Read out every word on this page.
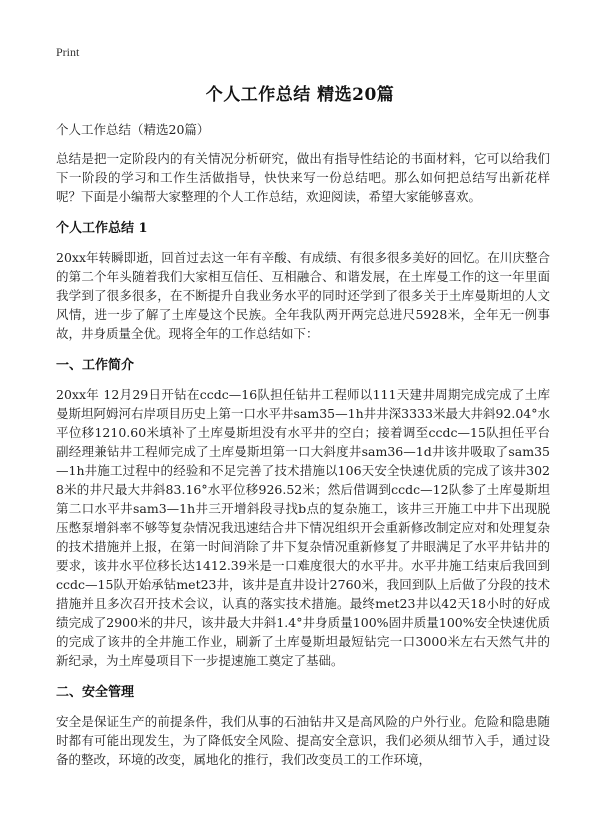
Print
个人工作总结 精选20篇

个人工作总结（精选20篇）

总结是把一定阶段内的有关情况分析研究，做出有指导性结论的书面材料，它可以给我们下一阶段的学习和工作生活做指导，快快来写一份总结吧。那么如何把总结写出新花样呢？下面是小编帮大家整理的个人工作总结，欢迎阅读，希望大家能够喜欢。

个人工作总结 1

20xx年转瞬即逝，回首过去这一年有辛酸、有成绩、有很多很多美好的回忆。在川庆整合的第二个年头随着我们大家相互信任、互相融合、和谐发展，在土库曼工作的这一年里面我学到了很多很多，在不断提升自我业务水平的同时还学到了很多关于土库曼斯坦的人文风情，进一步了解了土库曼这个民族。全年我队两开两完总进尺5928米，全年无一例事故，井身质量全优。现将全年的工作总结如下：

一、工作简介

20xx年 12月29日开钻在ccdc—16队担任钻井工程师以111天建井周期完成完成了土库曼斯坦阿姆河右岸项目历史上第一口水平井sam35—1h井井深3333米最大井斜92.04°水平位移1210.60米填补了土库曼斯坦没有水平井的空白；接着调至ccdc—15队担任平台副经理兼钻井工程师完成了土库曼斯坦第一口大斜度井sam36—1d井该井吸取了sam35—1h井施工过程中的经验和不足完善了技术措施以106天安全快速优质的完成了该井3028米的井尺最大井斜83.16°水平位移926.52米；然后借调到ccdc—12队参了土库曼斯坦第二口水平井sam3—1h井三开增斜段寻找b点的复杂施工，该井三开施工中井下出现脱压憋泵增斜率不够等复杂情况我迅速结合井下情况组织开会重新修改制定应对和处理复杂的技术措施并上报，在第一时间消除了井下复杂情况重新修复了井眼满足了水平井钻井的要求，该井水平位移长达1412.39米是一口难度很大的水平井。水平井施工结束后我回到ccdc—15队开始承钻met23井，该井是直井设计2760米，我回到队上后做了分段的技术措施并且多次召开技术会议，认真的落实技术措施。最终met23井以42天18小时的好成绩完成了2900米的井尺，该井最大井斜1.4°井身质量100%固井质量100%安全快速优质的完成了该井的全井施工作业，刷新了土库曼斯坦最短钻完一口3000米左右天然气井的新纪录，为土库曼项目下一步提速施工奠定了基础。

二、安全管理

安全是保证生产的前提条件，我们从事的石油钻井又是高风险的户外行业。危险和隐患随时都有可能出现发生，为了降低安全风险、提高安全意识，我们必须从细节入手，通过设备的整改，环境的改变，属地化的推行，我们改变员工的工作环境，
